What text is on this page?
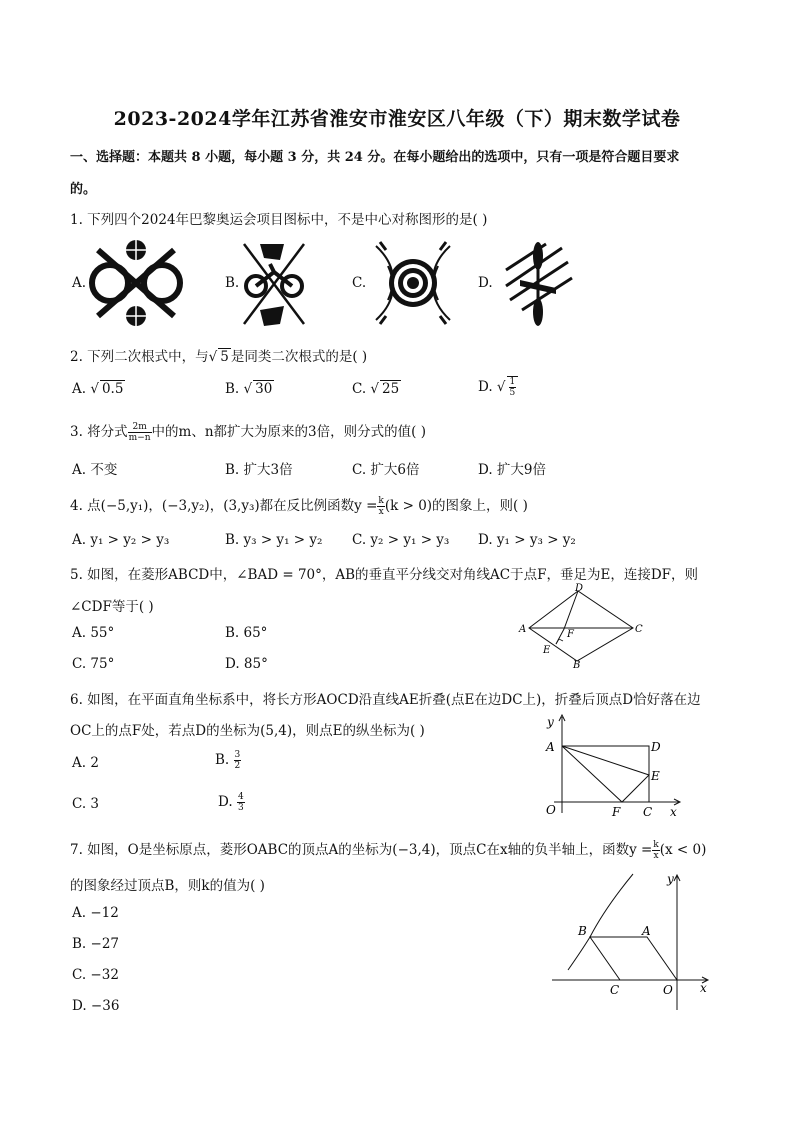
2023-2024学年江苏省淮安市淮安区八年级（下）期末数学试卷
一、选择题：本题共 8 小题，每小题 3 分，共 24 分。在每小题给出的选项中，只有一项是符合题目要求
的。
1. 下列四个2024年巴黎奥运会项目图标中，不是中心对称图形的是( )
A.	B.	C.	D.
2. 下列二次根式中，与√ 5 是同类二次根式的是( )
A. √ 0.5	B. √ 30	C. √ 25	D. √ $\frac{1}{5}$
3. 将分式 $\frac{2m}{m-n}$ 中的m、n都扩大为原来的3倍，则分式的值( )
A. 不变	B. 扩大3倍	C. 扩大6倍	D. 扩大9倍
4. 点(−5,y₁)，(−3,y₂)，(3,y₃)都在反比例函数$y = \frac{k}{x} (k > 0)$的图象上，则( )
A. y₁ > y₂ > y₃	B. y₃ > y₁ > y₂ C. y₂ > y₁ > y₃ D. y₁ > y₃ > y₂
5. 如图，在菱形ABCD中，∠BAD = 70°，AB的垂直平分线交对角线AC于点F，垂足为E，连接DF，则
∠CDF等于( )
A. 55°	B. 65°
C. 75°	D. 85°
A
B
C
D
E
F
6. 如图，在平面直角坐标系中，将长方形AOCD沿直线AE折叠(点E在边DC上)，折叠后顶点D恰好落在边
OC上的点F处，若点D的坐标为(5,4)，则点E的纵坐标为( )
A. 2	B. $\frac{3}{2}$
C. 3	D. $\frac{4}{3}$
y
A	D
E
O	F C x
7. 如图，O是坐标原点，菱形OABC的顶点A的坐标为(−3,4)，顶点C在x轴的负半轴上，函数$y = \frac{k}{x} (x < 0)$
的图象经过顶点B，则k的值为( )
A. −12
B. −27
C. −32
D. −36
y
B	A
C	O x
